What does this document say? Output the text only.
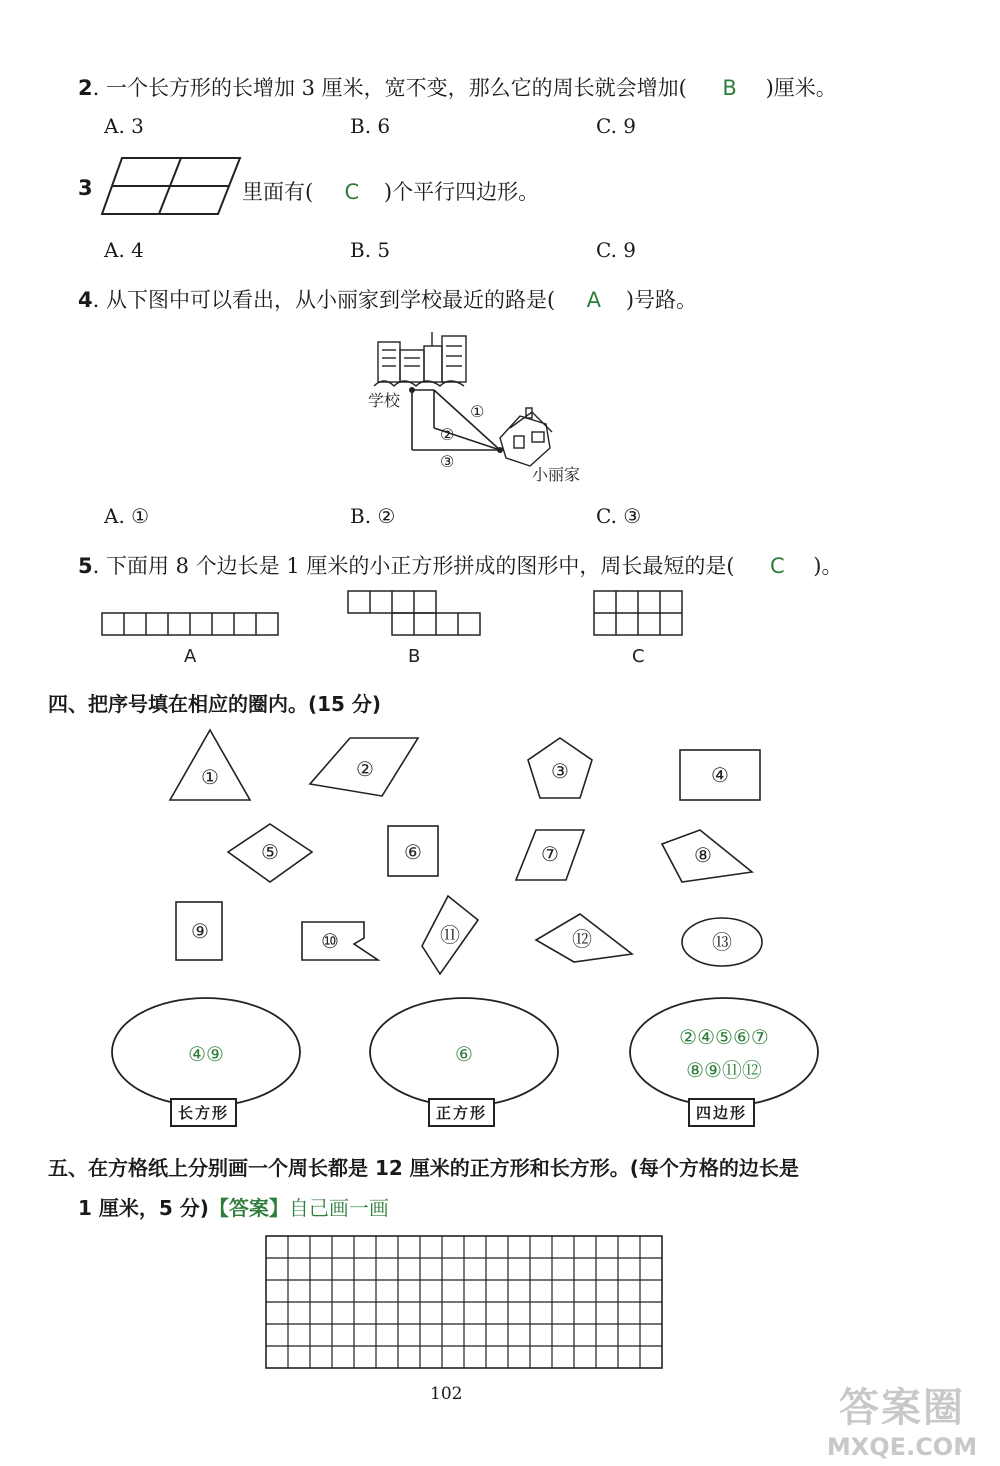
2. 一个长方形的长增加 3 厘米，宽不变，那么它的周长就会增加( B )厘米。
A. 3	B. 6	C. 9
3	里面有( C )个平行四边形。
A. 4	B. 5	C. 9
4. 从下图中可以看出，从小丽家到学校最近的路是( A )号路。
学校
①
②
③
小丽家
A. ①	B. ②	C. ③
5. 下面用 8 个边长是 1 厘米的小正方形拼成的图形中，周长最短的是( C )。
A	B	C
四、把序号填在相应的圈内。(15 分)
①	②	③	④
⑤	⑥	⑦	⑧
⑨	⑩	⑪	⑫	⑬
④⑨	⑥
②④⑤⑥⑦
⑧⑨⑪⑫
长方形	正方形	四边形
五、在方格纸上分别画一个周长都是 12 厘米的正方形和长方形。(每个方格的边长是
1 厘米，5 分)【答案】自己画一画
102	答案圈
MXQE.COM
